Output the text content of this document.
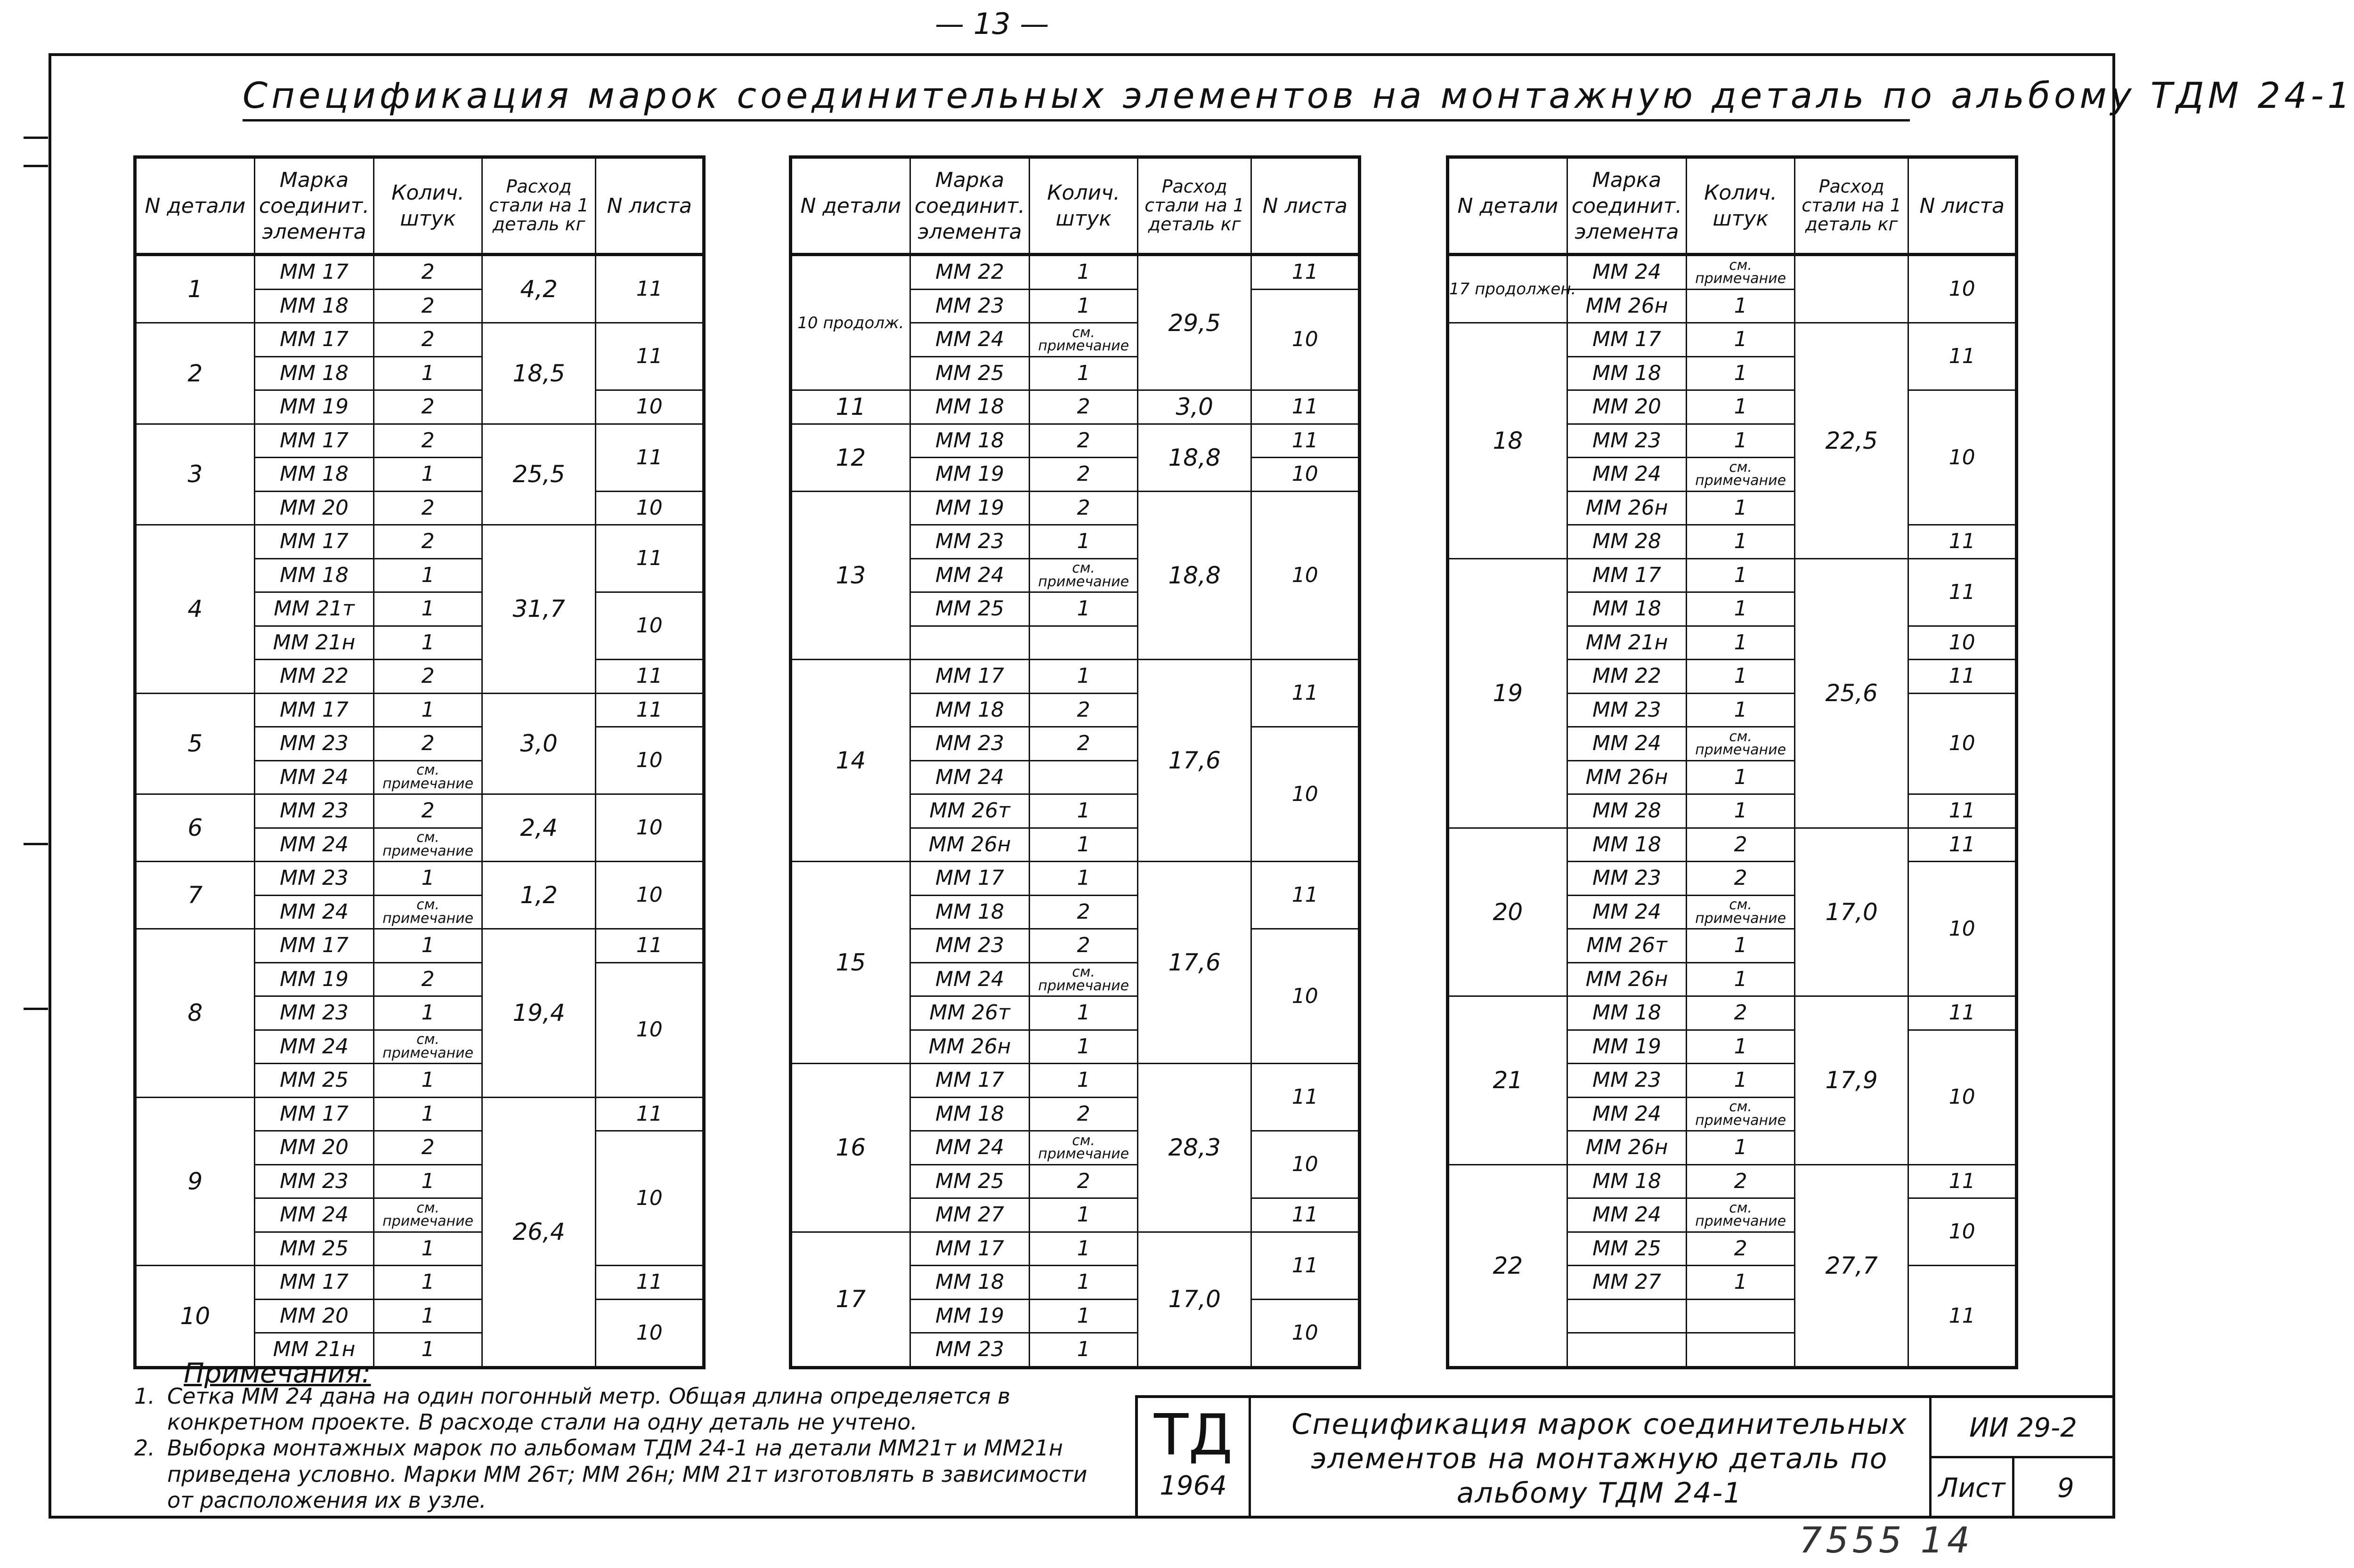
— 13 —
Спецификация марок соединительных элементов на монтажную деталь по альбому ТДМ 24-1
N детали	Марка соединит. элемента	Колич. штук	Расход стали на 1 деталь кг	N листа
1	ММ 17	2	4,2	11
	ММ 18	2		
2	ММ 17	2	18,5	11
	ММ 18	1		
	ММ 19	2		10
3	ММ 17	2	25,5	11
	ММ 18	1		
	ММ 20	2		10
4	ММ 17	2	31,7	11
	ММ 18	1		
	ММ 21т	1		10
	ММ 21н	1		
	ММ 22	2		11
5	ММ 17	1	3,0	11
	ММ 23	2		10
	ММ 24	см. примечание		
6	ММ 23	2	2,4	10
	ММ 24	см. примечание		
7	ММ 23	1	1,2	10
	ММ 24	см. примечание		
8	ММ 17	1	19,4	11
	ММ 19	2		10
	ММ 23	1		
	ММ 24	см. примечание		
	ММ 25	1		
9	ММ 17	1	26,4	11
	ММ 20	2		10
	ММ 23	1		
	ММ 24	см. примечание		
	ММ 25	1		
10	ММ 17	1		11
	ММ 20	1		10
	ММ 21н	1		
N детали	Марка соединит. элемента	Колич. штук	Расход стали на 1 деталь кг	N листа
10 продолж.	ММ 22	1	29,5	11
	ММ 23	1		10
	ММ 24	см. примечание		
	ММ 25	1		
11	ММ 18	2	3,0	11
12	ММ 18	2	18,8	11
	ММ 19	2		10
13	ММ 19	2	18,8	10
	ММ 23	1		
	ММ 24	см. примечание		
	ММ 25	1		

14	ММ 17	1	17,6	11
	ММ 18	2		
	ММ 23	2		10
	ММ 24			
	ММ 26т	1		
	ММ 26н	1		
15	ММ 17	1	17,6	11
	ММ 18	2		
	ММ 23	2		10
	ММ 24	см. примечание		
	ММ 26т	1		
	ММ 26н	1		
16	ММ 17	1	28,3	11
	ММ 18	2		
	ММ 24	см. примечание		10
	ММ 25	2		
	ММ 27	1		11
17	ММ 17	1	17,0	11
	ММ 18	1		
	ММ 19	1		10
	ММ 23	1		
N детали	Марка соединит. элемента	Колич. штук	Расход стали на 1 деталь кг	N листа
17 продолжен.	ММ 24	см. примечание		10
	ММ 26н	1		
18	ММ 17	1	22,5	11
	ММ 18	1		
	ММ 20	1		10
	ММ 23	1		
	ММ 24	см. примечание		
	ММ 26н	1		
	ММ 28	1		11
19	ММ 17	1	25,6	11
	ММ 18	1		
	ММ 21н	1		10
	ММ 22	1		11
	ММ 23	1		10
	ММ 24	см. примечание		
	ММ 26н	1		
	ММ 28	1		11
20	ММ 18	2	17,0	11
	ММ 23	2		10
	ММ 24	см. примечание		
	ММ 26т	1		
	ММ 26н	1		
21	ММ 18	2	17,9	11
	ММ 19	1		10
	ММ 23	1		
	ММ 24	см. примечание		
	ММ 26н	1		
22	ММ 18	2	27,7	11
	ММ 24	см. примечание		10
	ММ 25	2		
	ММ 27	1		11

Примечания:
1. Сетка ММ 24 дана на один погонный метр. Общая длина определяется в конкретном проекте. В расходе стали на одну деталь не учтено.
2. Выборка монтажных марок по альбомам ТДМ 24-1 на детали ММ21т и ММ21н приведена условно. Марки ММ 26т; ММ 26н; ММ 21т изготовлять в зависимости от расположения их в узле.
ТД
1964
Спецификация марок соединительных элементов на монтажную деталь по альбому ТДМ 24-1
ИИ 29-2
Лист	9
7555 14
